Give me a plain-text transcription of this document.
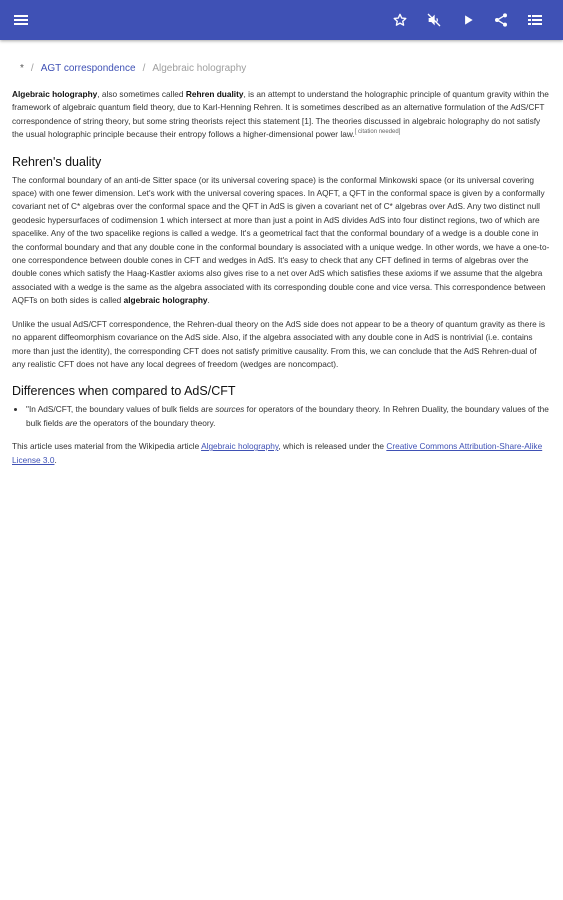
* / AGT correspondence / Algebraic holography

Algebraic holography, also sometimes called Rehren duality, is an attempt to understand the holographic principle of quantum gravity within the framework of algebraic quantum field theory, due to Karl-Henning Rehren. It is sometimes described as an alternative formulation of the AdS/CFT correspondence of string theory, but some string theorists reject this statement [1]. The theories discussed in algebraic holography do not satisfy the usual holographic principle because their entropy follows a higher-dimensional power law.[ citation needed]

Rehren's duality

The conformal boundary of an anti-de Sitter space (or its universal covering space) is the conformal Minkowski space (or its universal covering space) with one fewer dimension. Let's work with the universal covering spaces. In AQFT, a QFT in the conformal space is given by a conformally covariant net of C* algebras over the conformal space and the QFT in AdS is given a covariant net of C* algebras over AdS. Any two distinct null geodesic hypersurfaces of codimension 1 which intersect at more than just a point in AdS divides AdS into four distinct regions, two of which are spacelike. Any of the two spacelike regions is called a wedge. It's a geometrical fact that the conformal boundary of a wedge is a double cone in the conformal boundary and that any double cone in the conformal boundary is associated with a unique wedge. In other words, we have a one-to-one correspondence between double cones in CFT and wedges in AdS. It's easy to check that any CFT defined in terms of algebras over the double cones which satisfy the Haag-Kastler axioms also gives rise to a net over AdS which satisfies these axioms if we assume that the algebra associated with a wedge is the same as the algebra associated with its corresponding double cone and vice versa. This correspondence between AQFTs on both sides is called algebraic holography.

Unlike the usual AdS/CFT correspondence, the Rehren-dual theory on the AdS side does not appear to be a theory of quantum gravity as there is no apparent diffeomorphism covariance on the AdS side. Also, if the algebra associated with any double cone in AdS is nontrivial (i.e. contains more than just the identity), the corresponding CFT does not satisfy primitive causality. From this, we can conclude that the AdS Rehren-dual of any realistic CFT does not have any local degrees of freedom (wedges are noncompact).

Differences when compared to AdS/CFT
• "In AdS/CFT, the boundary values of bulk fields are sources for operators of the boundary theory. In Rehren Duality, the boundary values of the bulk fields are the operators of the boundary theory.

This article uses material from the Wikipedia article Algebraic holography, which is released under the Creative Commons Attribution-Share-Alike License 3.0.
